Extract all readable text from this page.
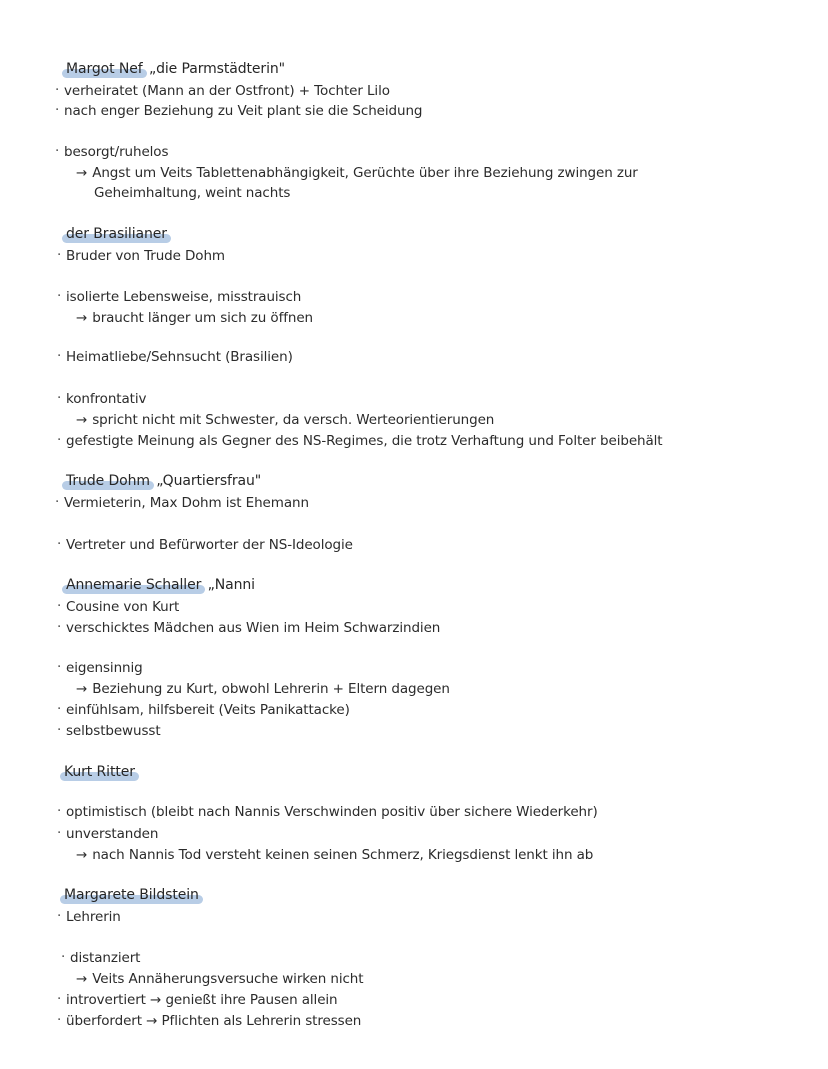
Margot Nef „die Parmstädterin"
· verheiratet (Mann an der Ostfront) + Tochter Lilo
· nach enger Beziehung zu Veit plant sie die Scheidung
· besorgt/ruhelos
→ Angst um Veits Tablettenabhängigkeit, Gerüchte über ihre Beziehung zwingen zur
Geheimhaltung, weint nachts
der Brasilianer
· Bruder von Trude Dohm
· isolierte Lebensweise, misstrauisch
→ braucht länger um sich zu öffnen
· Heimatliebe/Sehnsucht (Brasilien)
· konfrontativ
→ spricht nicht mit Schwester, da versch. Werteorientierungen
· gefestigte Meinung als Gegner des NS-Regimes, die trotz Verhaftung und Folter beibehält
Trude Dohm „Quartiersfrau"
· Vermieterin, Max Dohm ist Ehemann
· Vertreter und Befürworter der NS-Ideologie
Annemarie Schaller „Nanni
· Cousine von Kurt
· verschicktes Mädchen aus Wien im Heim Schwarzindien
· eigensinnig
→ Beziehung zu Kurt, obwohl Lehrerin + Eltern dagegen
· einfühlsam, hilfsbereit (Veits Panikattacke)
· selbstbewusst
Kurt Ritter
· optimistisch (bleibt nach Nannis Verschwinden positiv über sichere Wiederkehr)
· unverstanden
→ nach Nannis Tod versteht keinen seinen Schmerz, Kriegsdienst lenkt ihn ab
Margarete Bildstein
· Lehrerin
· distanziert
→ Veits Annäherungsversuche wirken nicht
· introvertiert → genießt ihre Pausen allein
· überfordert → Pflichten als Lehrerin stressen
